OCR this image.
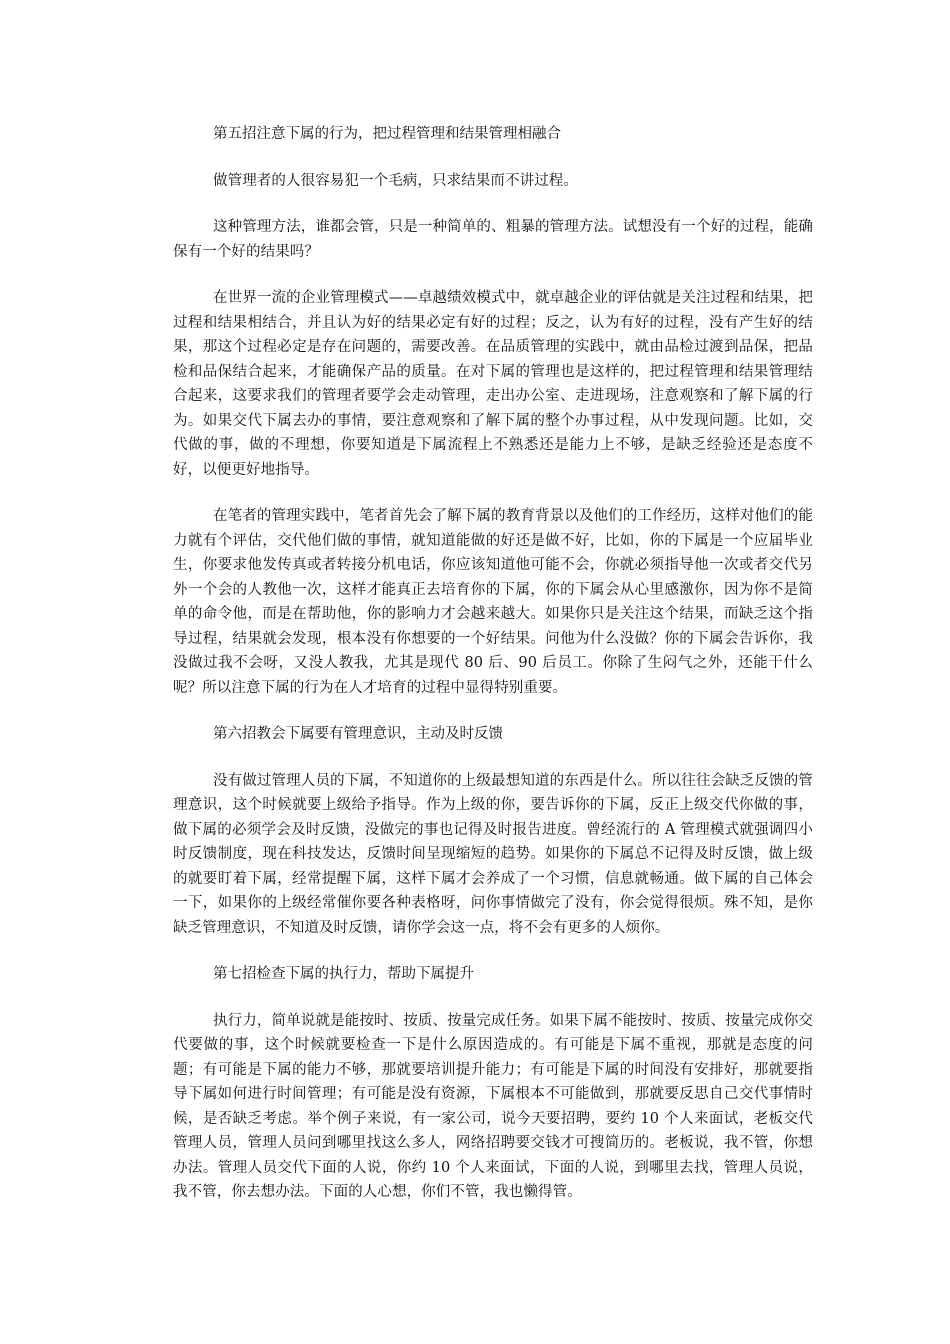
第五招注意下属的行为，把过程管理和结果管理相融合

做管理者的人很容易犯一个毛病，只求结果而不讲过程。

这种管理方法，谁都会管，只是一种简单的、粗暴的管理方法。试想没有一个好的过程，能确保有一个好的结果吗？

在世界一流的企业管理模式——卓越绩效模式中，就卓越企业的评估就是关注过程和结果，把过程和结果相结合，并且认为好的结果必定有好的过程；反之，认为有好的过程，没有产生好的结果，那这个过程必定是存在问题的，需要改善。在品质管理的实践中，就由品检过渡到品保，把品检和品保结合起来，才能确保产品的质量。在对下属的管理也是这样的，把过程管理和结果管理结合起来，这要求我们的管理者要学会走动管理，走出办公室、走进现场，注意观察和了解下属的行为。如果交代下属去办的事情，要注意观察和了解下属的整个办事过程，从中发现问题。比如，交代做的事，做的不理想，你要知道是下属流程上不熟悉还是能力上不够，是缺乏经验还是态度不好，以便更好地指导。

在笔者的管理实践中，笔者首先会了解下属的教育背景以及他们的工作经历，这样对他们的能力就有个评估，交代他们做的事情，就知道能做的好还是做不好，比如，你的下属是一个应届毕业生，你要求他发传真或者转接分机电话，你应该知道他可能不会，你就必须指导他一次或者交代另外一个会的人教他一次，这样才能真正去培育你的下属，你的下属会从心里感激你，因为你不是简单的命令他，而是在帮助他，你的影响力才会越来越大。如果你只是关注这个结果，而缺乏这个指导过程，结果就会发现，根本没有你想要的一个好结果。问他为什么没做？你的下属会告诉你，我没做过我不会呀，又没人教我，尤其是现代 80 后、90 后员工。你除了生闷气之外，还能干什么呢？所以注意下属的行为在人才培育的过程中显得特别重要。

第六招教会下属要有管理意识，主动及时反馈

没有做过管理人员的下属，不知道你的上级最想知道的东西是什么。所以往往会缺乏反馈的管理意识，这个时候就要上级给予指导。作为上级的你，要告诉你的下属，反正上级交代你做的事，做下属的必须学会及时反馈，没做完的事也记得及时报告进度。曾经流行的 A 管理模式就强调四小时反馈制度，现在科技发达，反馈时间呈现缩短的趋势。如果你的下属总不记得及时反馈，做上级的就要盯着下属，经常提醒下属，这样下属才会养成了一个习惯，信息就畅通。做下属的自己体会一下，如果你的上级经常催你要各种表格呀，问你事情做完了没有，你会觉得很烦。殊不知，是你缺乏管理意识，不知道及时反馈，请你学会这一点，将不会有更多的人烦你。

第七招检查下属的执行力，帮助下属提升

执行力，简单说就是能按时、按质、按量完成任务。如果下属不能按时、按质、按量完成你交代要做的事，这个时候就要检查一下是什么原因造成的。有可能是下属不重视，那就是态度的问题；有可能是下属的能力不够，那就要培训提升能力；有可能是下属的时间没有安排好，那就要指导下属如何进行时间管理；有可能是没有资源，下属根本不可能做到，那就要反思自己交代事情时候，是否缺乏考虑。举个例子来说，有一家公司，说今天要招聘，要约 10 个人来面试，老板交代管理人员，管理人员问到哪里找这么多人，网络招聘要交钱才可搜简历的。老板说，我不管，你想办法。管理人员交代下面的人说，你约 10 个人来面试，下面的人说，到哪里去找，管理人员说，我不管，你去想办法。下面的人心想，你们不管，我也懒得管。
